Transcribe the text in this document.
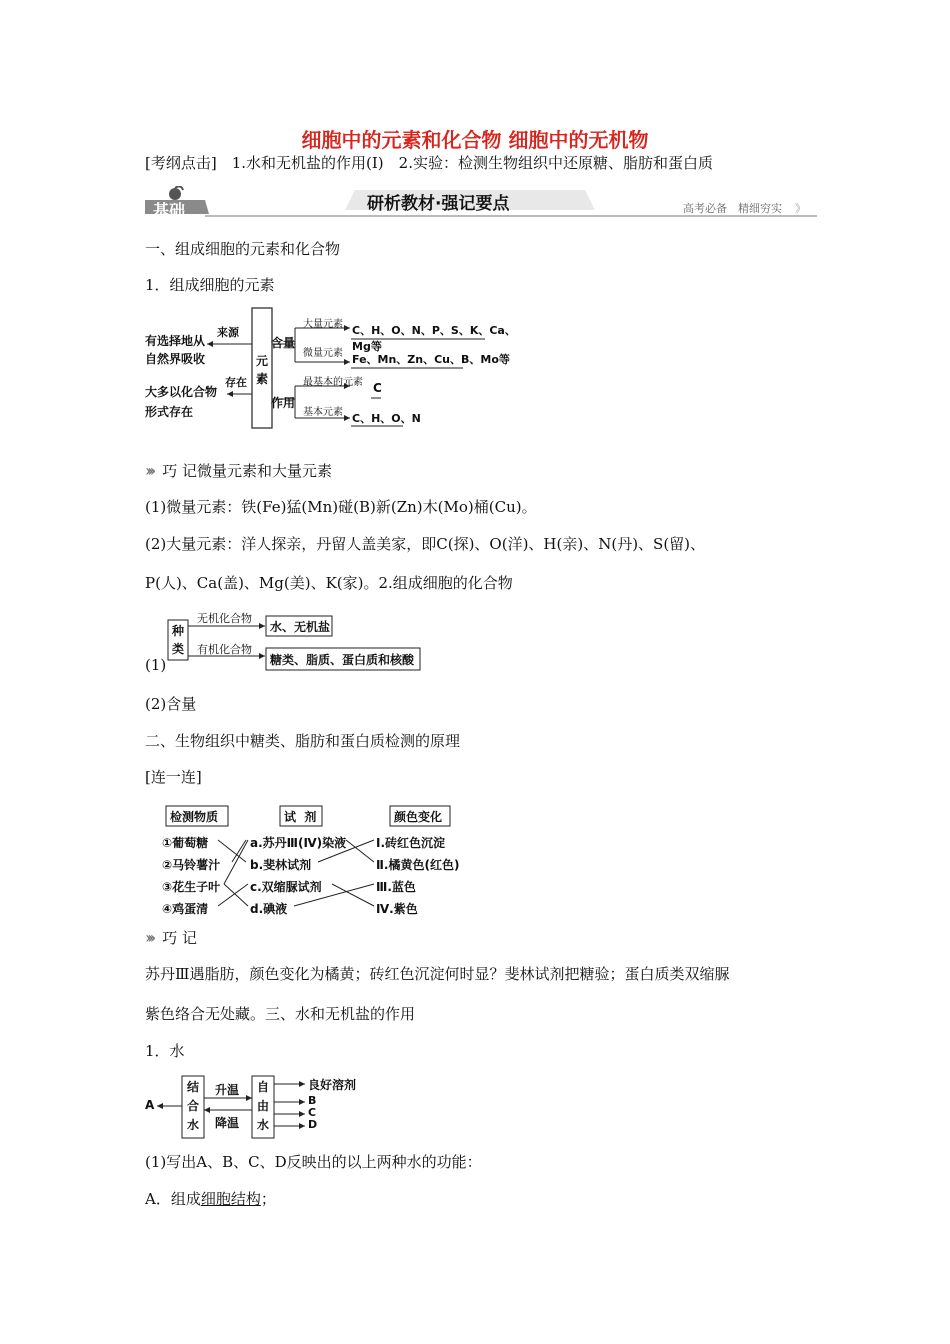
细胞中的元素和化合物 细胞中的无机物
[考纲点击]　1.水和无机盐的作用(Ⅰ)　2.实验：检测生物组织中还原糖、脂肪和蛋白质
》
基础	研析教材·强记要点	高考必备　精细穷实
一、组成细胞的元素和化合物
1．组成细胞的元素
有选择地从
自然界吸收
大多以化合物
形式存在
来源
存在
元
素
含量
作用
大量元素 C、H、O、N、P、S、K、Ca、Mg等
微量元素 Fe、Mn、Zn、Cu、B、Mo等
最基本的元素 C
基本元素 C、H、O、N
››› 巧 记微量元素和大量元素
(1)微量元素：铁(Fe)猛(Mn)碰(B)新(Zn)木(Mo)桶(Cu)。
(2)大量元素：洋人探亲，丹留人盖美家，即C(探)、O(洋)、H(亲)、N(丹)、S(留)、
P(人)、Ca(盖)、Mg(美)、K(家)。2.组成细胞的化合物
种
类
无机化合物
水、无机盐
有机化合物
糖类、脂质、蛋白质和核酸
(1)
(2)含量
二、生物组织中糖类、脂肪和蛋白质检测的原理
[连一连]
检测物质	试  剂	颜色变化
①葡萄糖
②马铃薯汁
③花生子叶
④鸡蛋清
a.苏丹Ⅲ(Ⅳ)染液
b.斐林试剂
c.双缩脲试剂
d.碘液
Ⅰ.砖红色沉淀
Ⅱ.橘黄色(红色)
Ⅲ.蓝色
Ⅳ.紫色
››› 巧 记
苏丹Ⅲ遇脂肪，颜色变化为橘黄；砖红色沉淀何时显？斐林试剂把糖验；蛋白质类双缩脲
紫色络合无处藏。三、水和无机盐的作用
1．水
A
结
合
水
自
由
水
升温
降温
良好溶剂
B
C
D
(1)写出A、B、C、D反映出的以上两种水的功能：
A．组成细胞结构；
